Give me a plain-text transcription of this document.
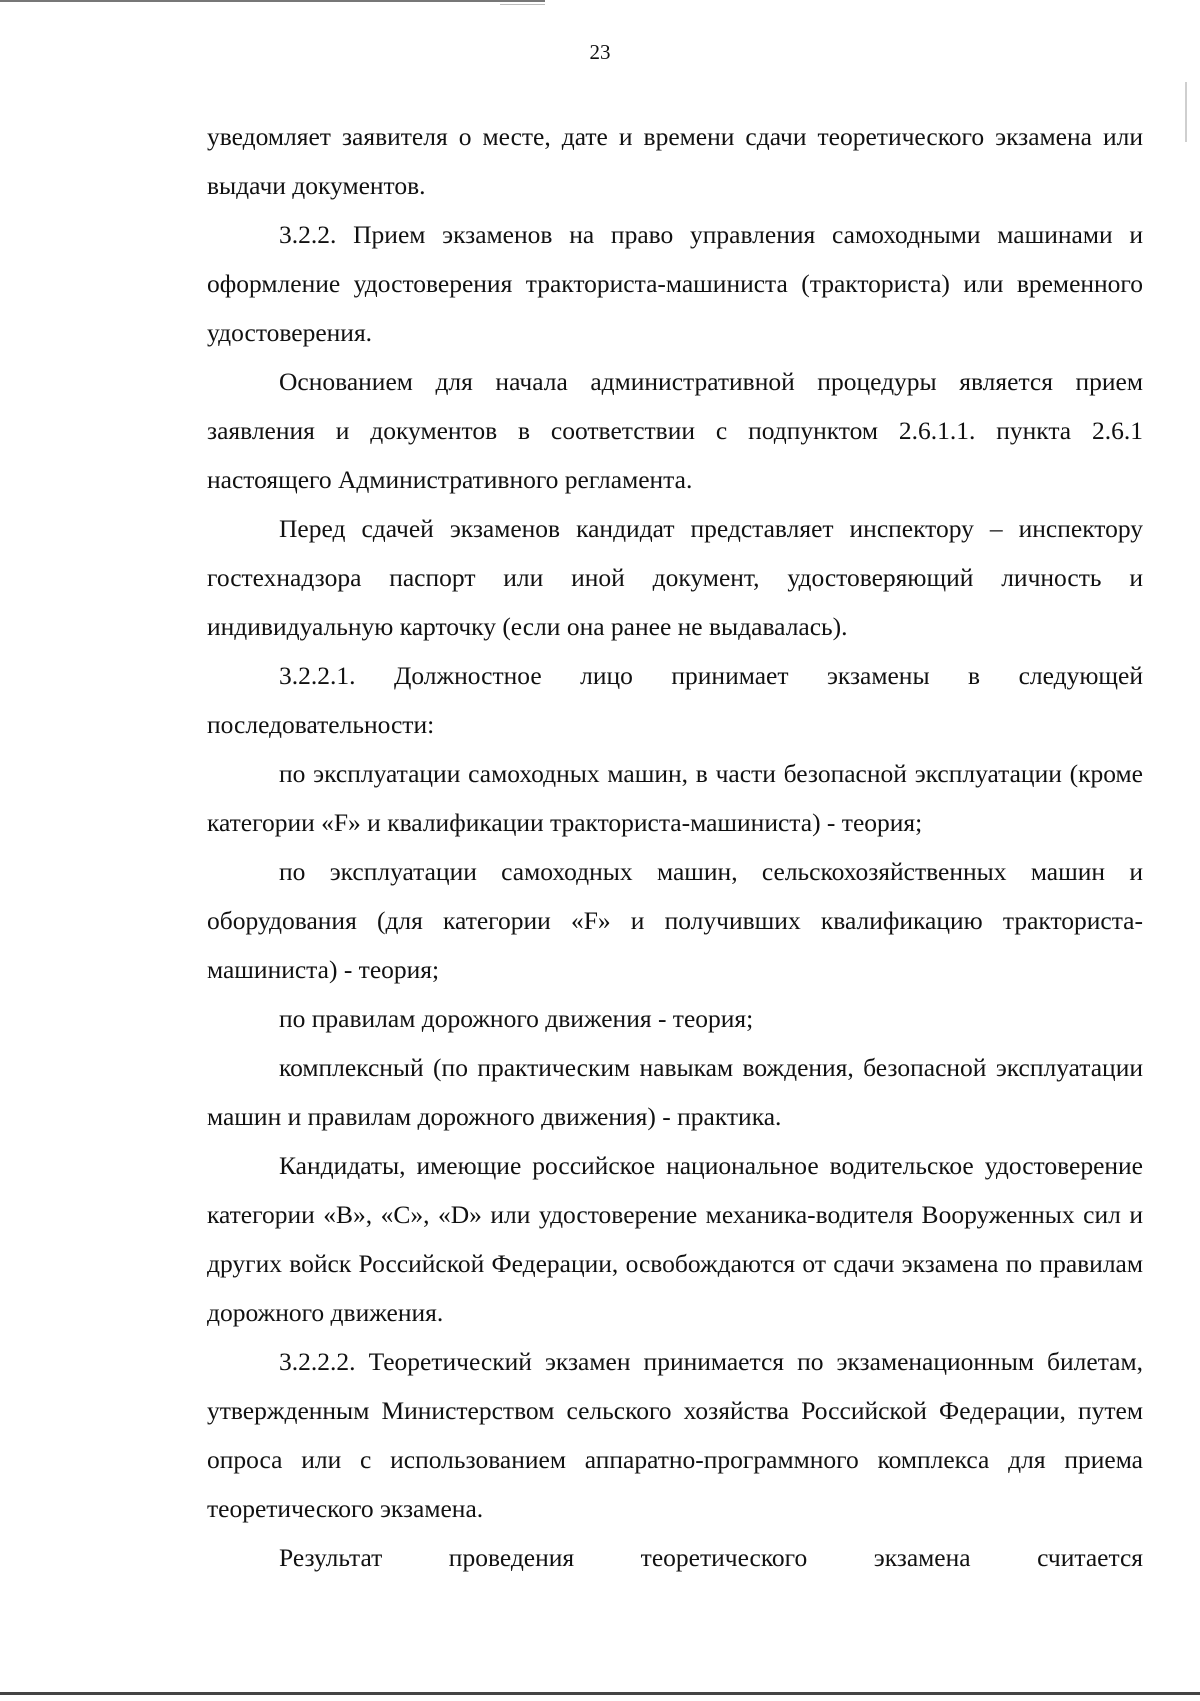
23

уведомляет заявителя о месте, дате и времени сдачи теоретического экзамена или выдачи документов.

3.2.2. Прием экзаменов на право управления самоходными машинами и оформление удостоверения тракториста-машиниста (тракториста) или временного удостоверения.

Основанием для начала административной процедуры является прием заявления и документов в соответствии с подпунктом 2.6.1.1. пункта 2.6.1 настоящего Административного регламента.

Перед сдачей экзаменов кандидат представляет инспектору – инспектору гостехнадзора паспорт или иной документ, удостоверяющий личность и индивидуальную карточку (если она ранее не выдавалась).

3.2.2.1. Должностное лицо принимает экзамены в следующей последовательности:

по эксплуатации самоходных машин, в части безопасной эксплуатации (кроме категории «F» и квалификации тракториста-машиниста) - теория;

по эксплуатации самоходных машин, сельскохозяйственных машин и оборудования (для категории «F» и получивших квалификацию тракториста-машиниста) - теория;

по правилам дорожного движения - теория;

комплексный (по практическим навыкам вождения, безопасной эксплуатации машин и правилам дорожного движения) - практика.

Кандидаты, имеющие российское национальное водительское удостоверение категории «B», «C», «D» или удостоверение механика-водителя Вооруженных сил и других войск Российской Федерации, освобождаются от сдачи экзамена по правилам дорожного движения.

3.2.2.2. Теоретический экзамен принимается по экзаменационным билетам, утвержденным Министерством сельского хозяйства Российской Федерации, путем опроса или с использованием аппаратно-программного комплекса для приема теоретического экзамена.

Результат проведения теоретического экзамена считается
